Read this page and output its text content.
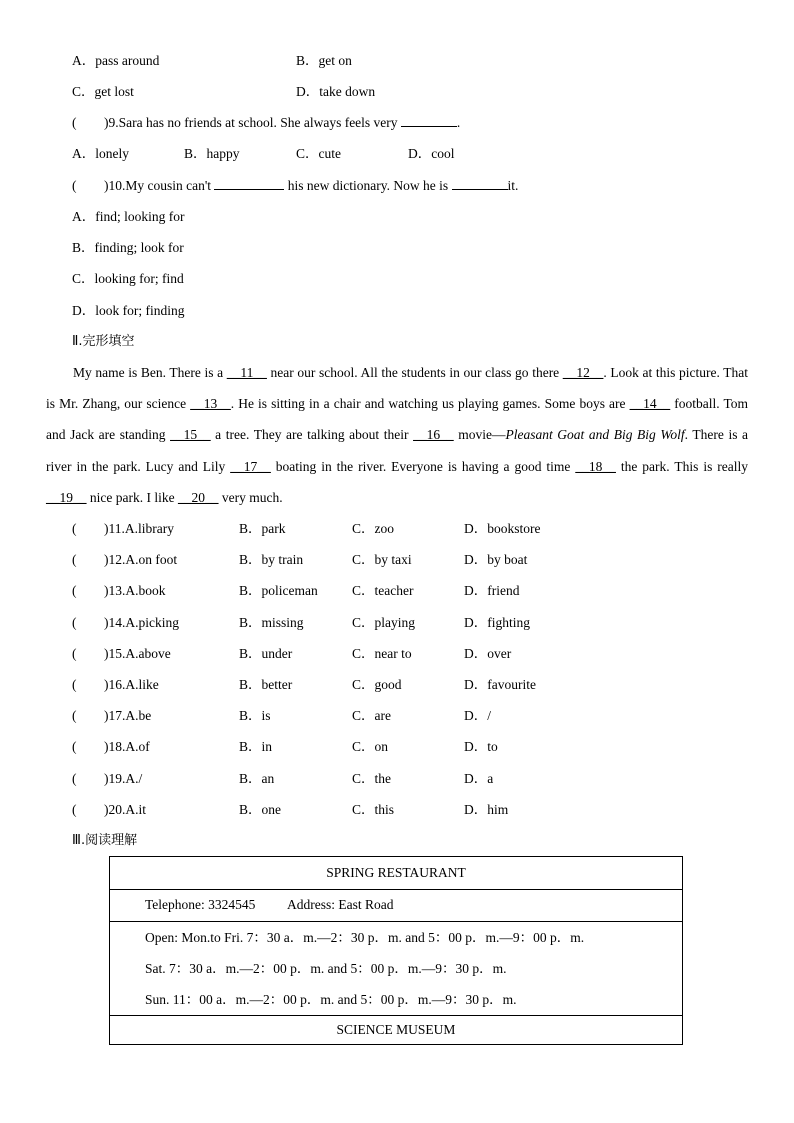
A．pass around	B．get on
C．get lost	D．take down
( )9.Sara has no friends at school. She always feels very	.
A．lonely	B．happy	C．cute	D．cool
( )10.My cousin can't	his new dictionary. Now he is	it.
A．find; looking for
B．finding; look for
C．looking for; find
D．look for; finding
Ⅱ.完形填空
My name is Ben. There is a __11__ near our school. All the students in our class go there __12__. Look at this picture. That is Mr. Zhang, our science __13__. He is sitting in a chair and watching us playing games. Some boys are __14__ football. Tom and Jack are standing __15__ a tree. They are talking about their __16__ movie—Pleasant Goat and Big Big Wolf. There is a river in the park. Lucy and Lily __17__ boating in the river. Everyone is having a good time __18__ the park. This is really __19__ nice park. I like __20__ very much.
( )11.A.library	B．park	C．zoo	D．bookstore
( )12.A.on foot	B．by train	C．by taxi	D．by boat
( )13.A.book	B．policeman	C．teacher	D．friend
( )14.A.picking	B．missing	C．playing	D．fighting
( )15.A.above	B．under	C．near to	D．over
( )16.A.like	B．better	C．good	D．favourite
( )17.A.be	B．is	C．are	D．/
( )18.A.of	B．in	C．on	D．to
( )19.A./	B．an	C．the	D．a
( )20.A.it	B．one	C．this	D．him
Ⅲ.阅读理解
SPRING RESTAURANT
Telephone: 3324545 Address: East Road
Open: Mon.to Fri. 7：30 a．m.—2：30 p．m. and 5：00 p．m.—9：00 p．m.
Sat. 7：30 a．m.—2：00 p．m. and 5：00 p．m.—9：30 p．m.
Sun. 11：00 a．m.—2：00 p．m. and 5：00 p．m.—9：30 p．m.
SCIENCE MUSEUM
